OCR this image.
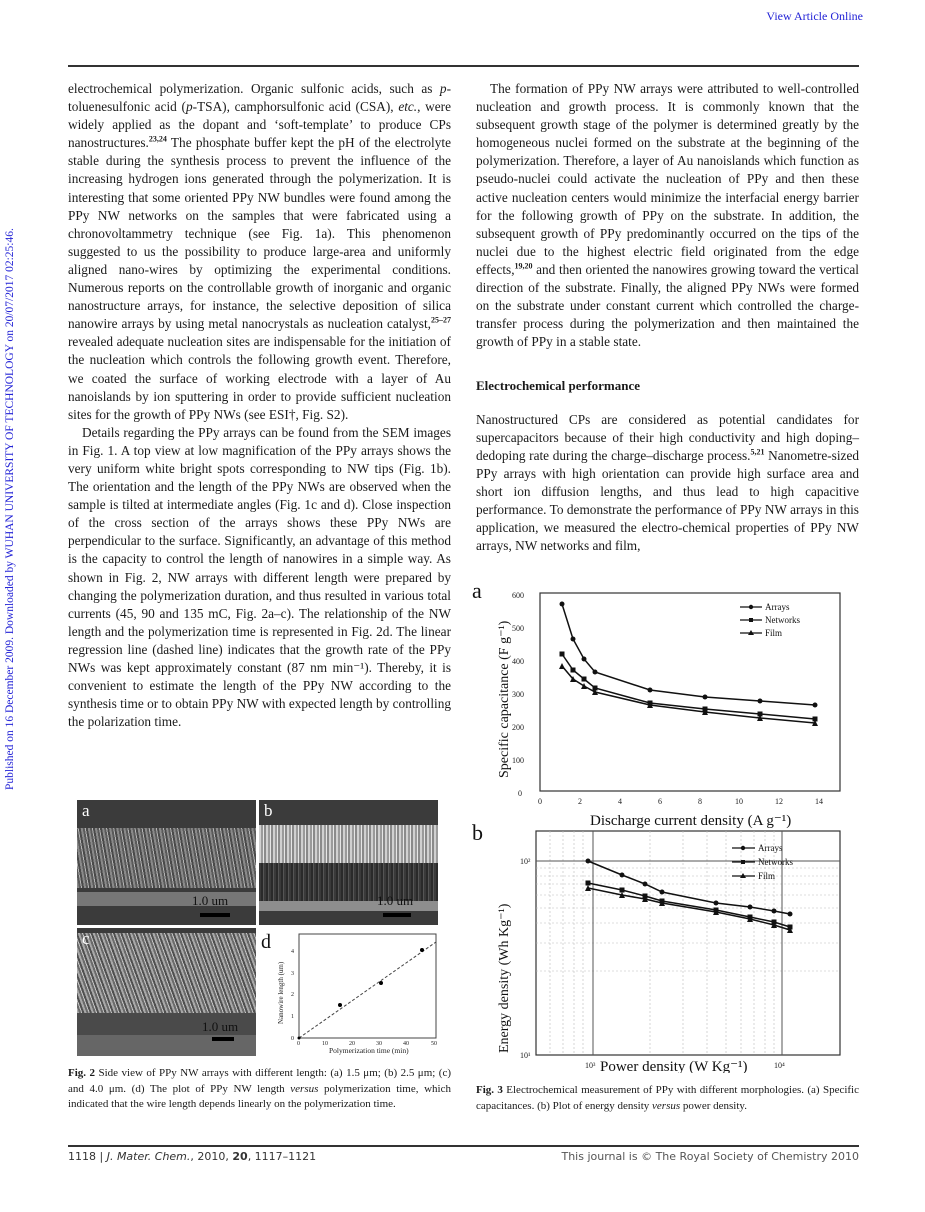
View Article Online
Published on 16 December 2009. Downloaded by WUHAN UNIVERSITY OF TECHNOLOGY on 20/07/2017 02:25:46.

electrochemical polymerization. Organic sulfonic acids, such as p-toluenesulfonic acid (p-TSA), camphorsulfonic acid (CSA), etc., were widely applied as the dopant and ‘soft-template’ to produce CPs nanostructures.$^{23,24}$ The phosphate buffer kept the pH of the electrolyte stable during the synthesis process to prevent the influence of the increasing hydrogen ions generated through the polymerization. It is interesting that some oriented PPy NW bundles were found among the PPy NW networks on the samples that were fabricated using a chronovoltammetry technique (see Fig. 1a). This phenomenon suggested to us the possibility to produce large-area and uniformly aligned nano-wires by optimizing the experimental conditions. Numerous reports on the controllable growth of inorganic and organic nanostructure arrays, for instance, the selective deposition of silica nanowire arrays by using metal nanocrystals as nucleation catalyst,$^{25-27}$ revealed adequate nucleation sites are indispensable for the initiation of the nucleation which controls the following growth event. Therefore, we coated the surface of working electrode with a layer of Au nanoislands by ion sputtering in order to provide sufficient nucleation sites for the growth of PPy NWs (see ESI†, Fig. S2).

Details regarding the PPy arrays can be found from the SEM images in Fig. 1. A top view at low magnification of the PPy arrays shows the very uniform white bright spots corresponding to NW tips (Fig. 1b). The orientation and the length of the PPy NWs are observed when the sample is tilted at intermediate angles (Fig. 1c and d). Close inspection of the cross section of the arrays shows these PPy NWs are perpendicular to the surface. Significantly, an advantage of this method is the capacity to control the length of nanowires in a simple way. As shown in Fig. 2, NW arrays with different length were prepared by changing the polymerization duration, and thus resulted in various total currents (45, 90 and 135 mC, Fig. 2a–c). The relationship of the NW length and the polymerization time is represented in Fig. 2d. The linear regression line (dashed line) indicates that the growth rate of the PPy NWs was kept approximately constant (87 nm min⁻¹). Thereby, it is convenient to estimate the length of the PPy NW according to the synthesis time or to obtain PPy NW with expected length by controlling the polarization time.

The formation of PPy NW arrays were attributed to well-controlled nucleation and growth process. It is commonly known that the subsequent growth stage of the polymer is determined greatly by the homogeneous nuclei formed on the substrate at the beginning of the polymerization. Therefore, a layer of Au nanoislands which function as pseudo-nuclei could activate the nucleation of PPy and then these active nucleation centers would minimize the interfacial energy barrier for the following growth of PPy on the substrate. In addition, the subsequent growth of PPy predominantly occurred on the tips of the nuclei due to the highest electric field originated from the edge effects,$^{19,20}$ and then oriented the nanowires growing toward the vertical direction of the substrate. Finally, the aligned PPy NWs were formed on the substrate under constant current which controlled the charge-transfer process during the polymerization and then maintained the growth of PPy in a stable state.

Electrochemical performance

Nanostructured CPs are considered as potential candidates for supercapacitors because of their high conductivity and high doping–dedoping rate during the charge–discharge process.$^{5,21}$ Nanometre-sized PPy arrays with high orientation can provide high surface area and short ion diffusion lengths, and thus lead to high capacitive performance. To demonstrate the performance of PPy NW arrays in this application, we measured the electro-chemical properties of PPy NW arrays, NW networks and film,

a
1.0 um
b
1.0 um
c
1.0 um
d
0
1
2
3
4
0	10	20	30	40	50
Polymerization time (min)
Nanowire length (um)
Fig. 2 Side view of PPy NW arrays with different length: (a) 1.5 μm; (b) 2.5 μm; (c) and 4.0 μm. (d) The plot of PPy NW length versus polymerization time, which indicated that the wire length depends linearly on the polymerization time.
a
0
100
200
300
400
500
600
0	2	4	6	8	10	12	14
Discharge current density (A g⁻¹)
Specific capacitance (F g⁻¹)
Arrays
Networks
Film
b
10²
10¹
10³	10⁴
Power density (W Kg⁻¹)
Energy density (Wh Kg⁻¹)
Arrays
Networks
Film
Fig. 3 Electrochemical measurement of PPy with different morphologies. (a) Specific capacitances. (b) Plot of energy density versus power density.
1118 | J. Mater. Chem., 2010, 20, 1117–1121	This journal is © The Royal Society of Chemistry 2010
